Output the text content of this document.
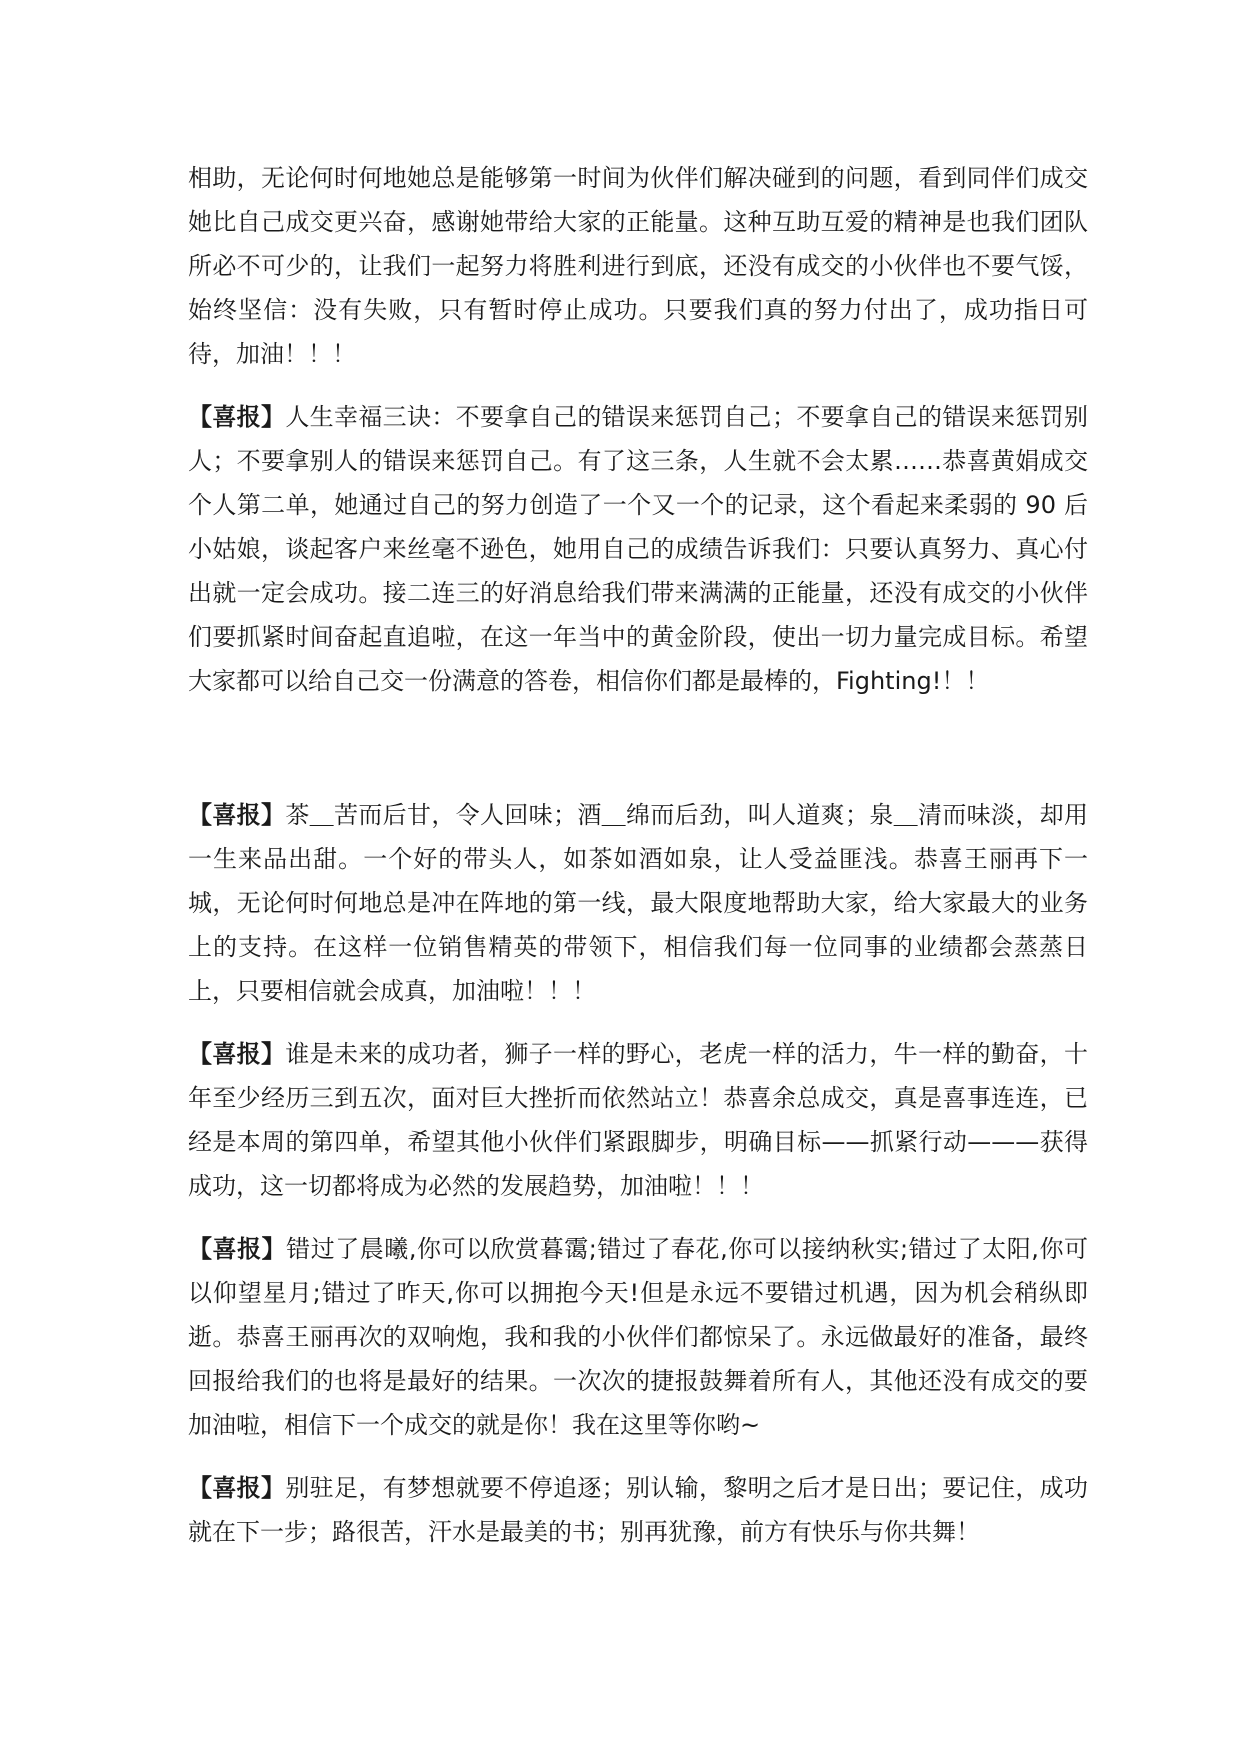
相助，无论何时何地她总是能够第一时间为伙伴们解决碰到的问题，看到同伴们成交她比自己成交更兴奋，感谢她带给大家的正能量。这种互助互爱的精神是也我们团队所必不可少的，让我们一起努力将胜利进行到底，还没有成交的小伙伴也不要气馁，始终坚信：没有失败，只有暂时停止成功。只要我们真的努力付出了，成功指日可待，加油！！！

【喜报】人生幸福三诀：不要拿自己的错误来惩罚自己；不要拿自己的错误来惩罚别人；不要拿别人的错误来惩罚自己。有了这三条，人生就不会太累……恭喜黄娟成交个人第二单，她通过自己的努力创造了一个又一个的记录，这个看起来柔弱的 90 后小姑娘，谈起客户来丝毫不逊色，她用自己的成绩告诉我们：只要认真努力、真心付出就一定会成功。接二连三的好消息给我们带来满满的正能量，还没有成交的小伙伴们要抓紧时间奋起直追啦，在这一年当中的黄金阶段，使出一切力量完成目标。希望大家都可以给自己交一份满意的答卷，相信你们都是最棒的，Fighting!！！

【喜报】茶＿苦而后甘，令人回味；酒＿绵而后劲，叫人道爽；泉＿清而味淡，却用一生来品出甜。一个好的带头人，如茶如酒如泉，让人受益匪浅。恭喜王丽再下一城，无论何时何地总是冲在阵地的第一线，最大限度地帮助大家，给大家最大的业务上的支持。在这样一位销售精英的带领下，相信我们每一位同事的业绩都会蒸蒸日上，只要相信就会成真，加油啦！！！

【喜报】谁是未来的成功者，狮子一样的野心，老虎一样的活力，牛一样的勤奋，十年至少经历三到五次，面对巨大挫折而依然站立！恭喜余总成交，真是喜事连连，已经是本周的第四单，希望其他小伙伴们紧跟脚步，明确目标——抓紧行动———获得成功，这一切都将成为必然的发展趋势，加油啦！！！

【喜报】错过了晨曦,你可以欣赏暮霭;错过了春花,你可以接纳秋实;错过了太阳,你可以仰望星月;错过了昨天,你可以拥抱今天!但是永远不要错过机遇，因为机会稍纵即逝。恭喜王丽再次的双响炮，我和我的小伙伴们都惊呆了。永远做最好的准备，最终回报给我们的也将是最好的结果。一次次的捷报鼓舞着所有人，其他还没有成交的要加油啦，相信下一个成交的就是你！我在这里等你哟~

【喜报】别驻足，有梦想就要不停追逐；别认输，黎明之后才是日出；要记住，成功就在下一步；路很苦，汗水是最美的书；别再犹豫，前方有快乐与你共舞！
